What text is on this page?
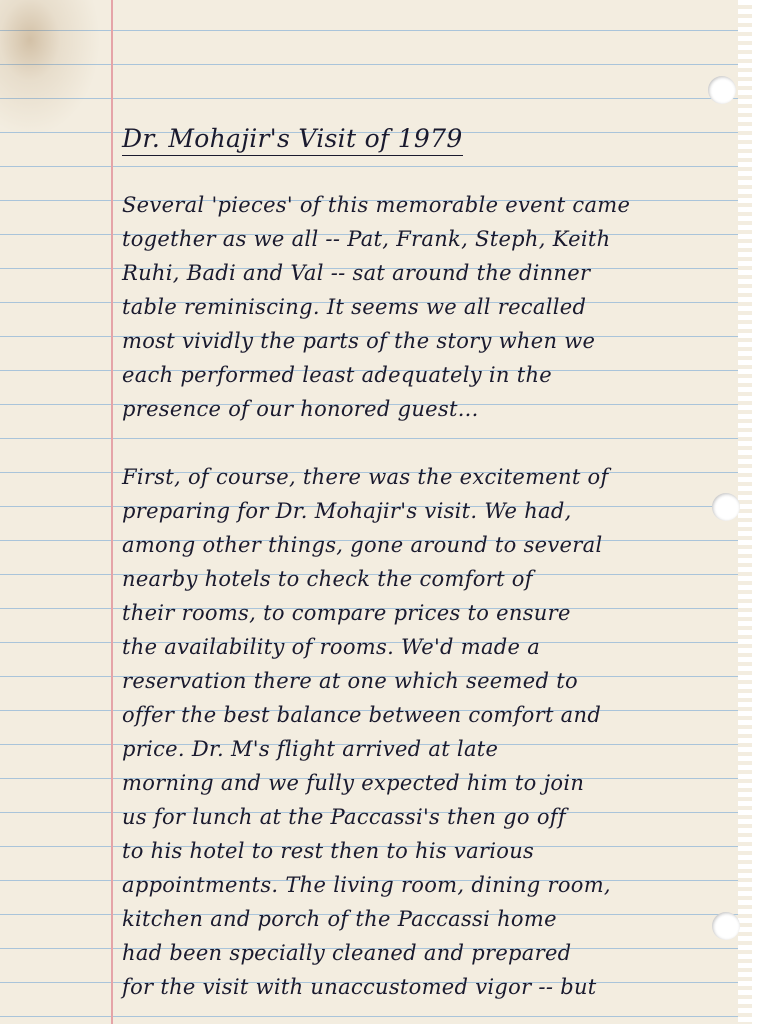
Dr. Mohajir's Visit of 1979
Several 'pieces' of this memorable event came
together as we all -- Pat, Frank, Steph, Keith
Ruhi, Badi and Val -- sat around the dinner
table reminiscing. It seems we all recalled
most vividly the parts of the story when we
each performed least adequately in the
presence of our honored guest...
First, of course, there was the excitement of
preparing for Dr. Mohajir's visit. We had,
among other things, gone around to several
nearby hotels to check the comfort of
their rooms, to compare prices to ensure
the availability of rooms. We'd made a
reservation there at one which seemed to
offer the best balance between comfort and
price. Dr. M's flight arrived at late
morning and we fully expected him to join
us for lunch at the Paccassi's then go off
to his hotel to rest then to his various
appointments. The living room, dining room,
kitchen and porch of the Paccassi home
had been specially cleaned and prepared
for the visit with unaccustomed vigor -- but
